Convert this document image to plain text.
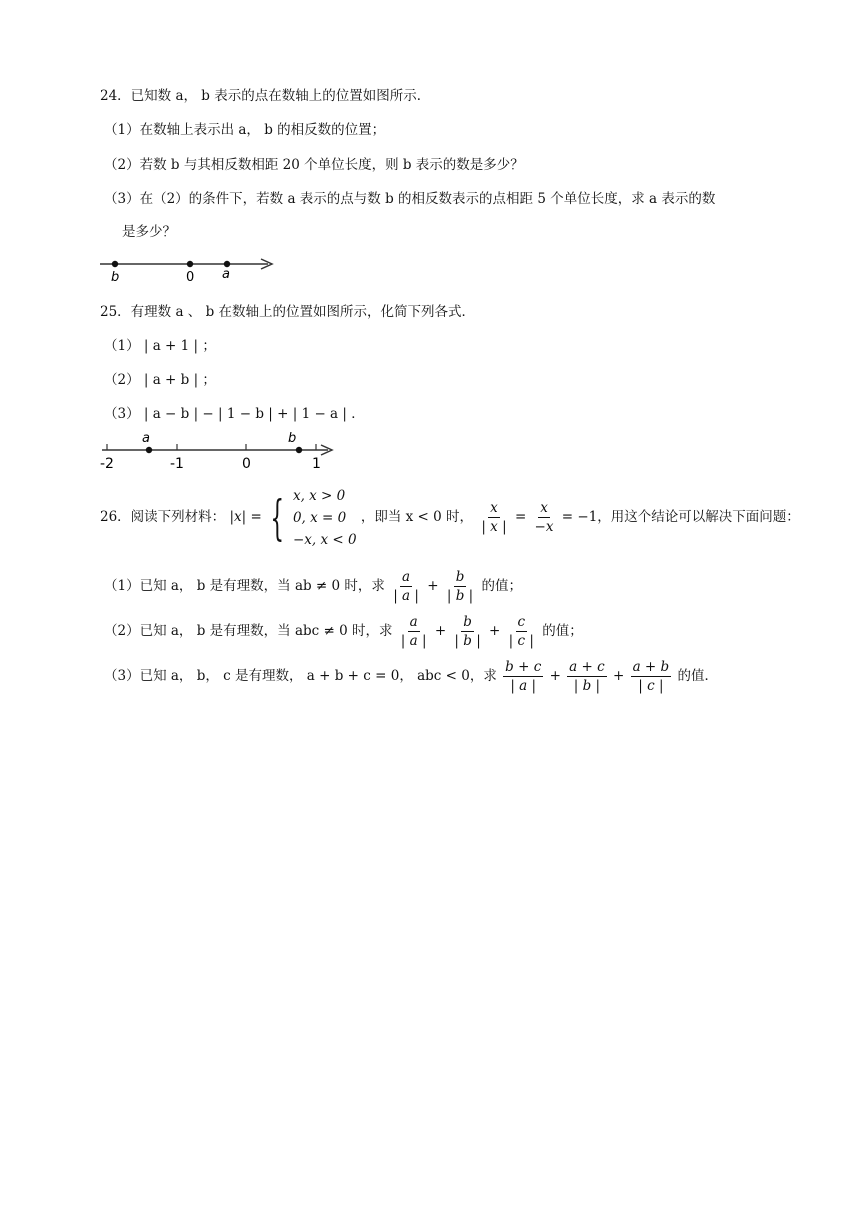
24．已知数 a， b 表示的点在数轴上的位置如图所示．
（1）在数轴上表示出 a， b 的相反数的位置；
（2）若数 b 与其相反数相距 20 个单位长度，则 b 表示的数是多少？
（3）在（2）的条件下，若数 a 表示的点与数 b 的相反数表示的点相距 5 个单位长度，求 a 表示的数
是多少？
b	0 a
25．有理数 a 、 b 在数轴上的位置如图所示，化简下列各式．
（1） | a + 1 | ；
（2） | a + b | ；
（3） | a − b | − | 1 − b | + | 1 − a | ．
a	b
-2	-1	0	1
26．阅读下列材料： |x| = { x, x > 0
0, x = 0
−x, x < 0
，即当 x < 0 时， $\frac{x}{| x |} = \frac{x}{-x} = -1$，用这个结论可以解决下面问题：
（1）已知 a， b 是有理数，当 ab ≠ 0 时，求 $\frac{a}{| a |} + \frac{b}{| b |}$ 的值；
（2）已知 a， b 是有理数，当 abc ≠ 0 时，求 $\frac{a}{| a |} + \frac{b}{| b |} + \frac{c}{| c |}$ 的值；
（3）已知 a， b， c 是有理数， a + b + c = 0， abc < 0，求 $\frac{b + c}{| a |} + \frac{a + c}{| b |} + \frac{a + b}{| c |}$ 的值．
